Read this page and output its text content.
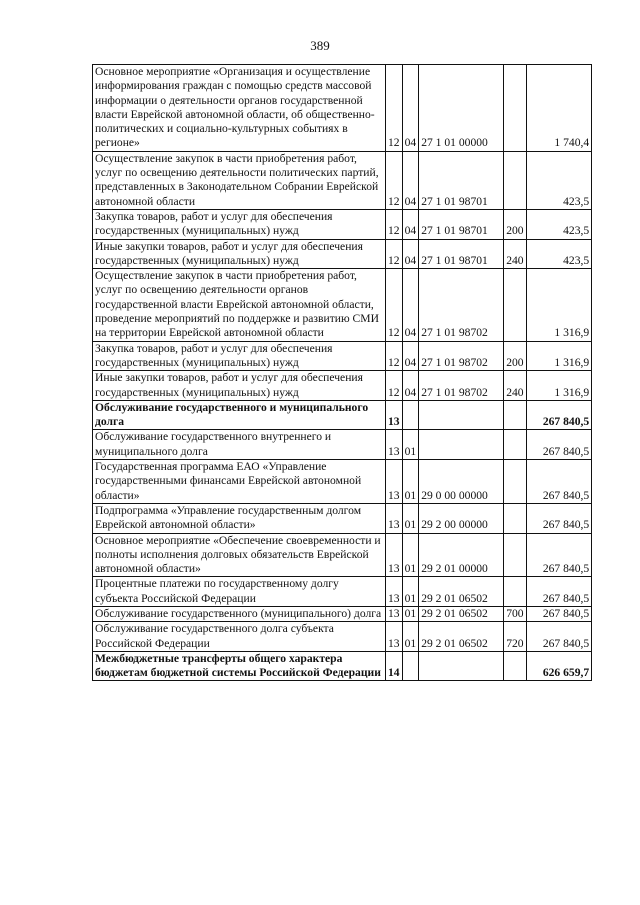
389
Основное мероприятие «Организация и осуществление информирования граждан с помощью средств массовой информации о деятельности органов государственной власти Еврейской автономной области, об общественно-политических и социально-культурных событиях в регионе»	12	04	27 1 01 00000		1 740,4
Осуществление закупок в части приобретения работ, услуг по освещению деятельности политических партий, представленных в Законодательном Собрании Еврейской автономной области	12	04	27 1 01 98701		423,5
Закупка товаров, работ и услуг для обеспечения государственных (муниципальных) нужд	12	04	27 1 01 98701	200	423,5
Иные закупки товаров, работ и услуг для обеспечения государственных (муниципальных) нужд	12	04	27 1 01 98701	240	423,5
Осуществление закупок в части приобретения работ, услуг по освещению деятельности органов государственной власти Еврейской автономной области, проведение мероприятий по поддержке и развитию СМИ на территории Еврейской автономной области	12	04	27 1 01 98702		1 316,9
Закупка товаров, работ и услуг для обеспечения государственных (муниципальных) нужд	12	04	27 1 01 98702	200	1 316,9
Иные закупки товаров, работ и услуг для обеспечения государственных (муниципальных) нужд	12	04	27 1 01 98702	240	1 316,9
Обслуживание государственного и муниципального долга	13				267 840,5
Обслуживание государственного внутреннего и муниципального долга	13	01			267 840,5
Государственная программа ЕАО «Управление государственными финансами Еврейской автономной области»	13	01	29 0 00 00000		267 840,5
Подпрограмма «Управление государственным долгом Еврейской автономной области»	13	01	29 2 00 00000		267 840,5
Основное мероприятие «Обеспечение своевременности и полноты исполнения долговых обязательств Еврейской автономной области»	13	01	29 2 01 00000		267 840,5
Процентные платежи по государственному долгу субъекта Российской Федерации	13	01	29 2 01 06502		267 840,5
Обслуживание государственного (муниципального) долга	13	01	29 2 01 06502	700	267 840,5
Обслуживание государственного долга субъекта Российской Федерации	13	01	29 2 01 06502	720	267 840,5
Межбюджетные трансферты общего характера бюджетам бюджетной системы Российской Федерации	14				626 659,7
